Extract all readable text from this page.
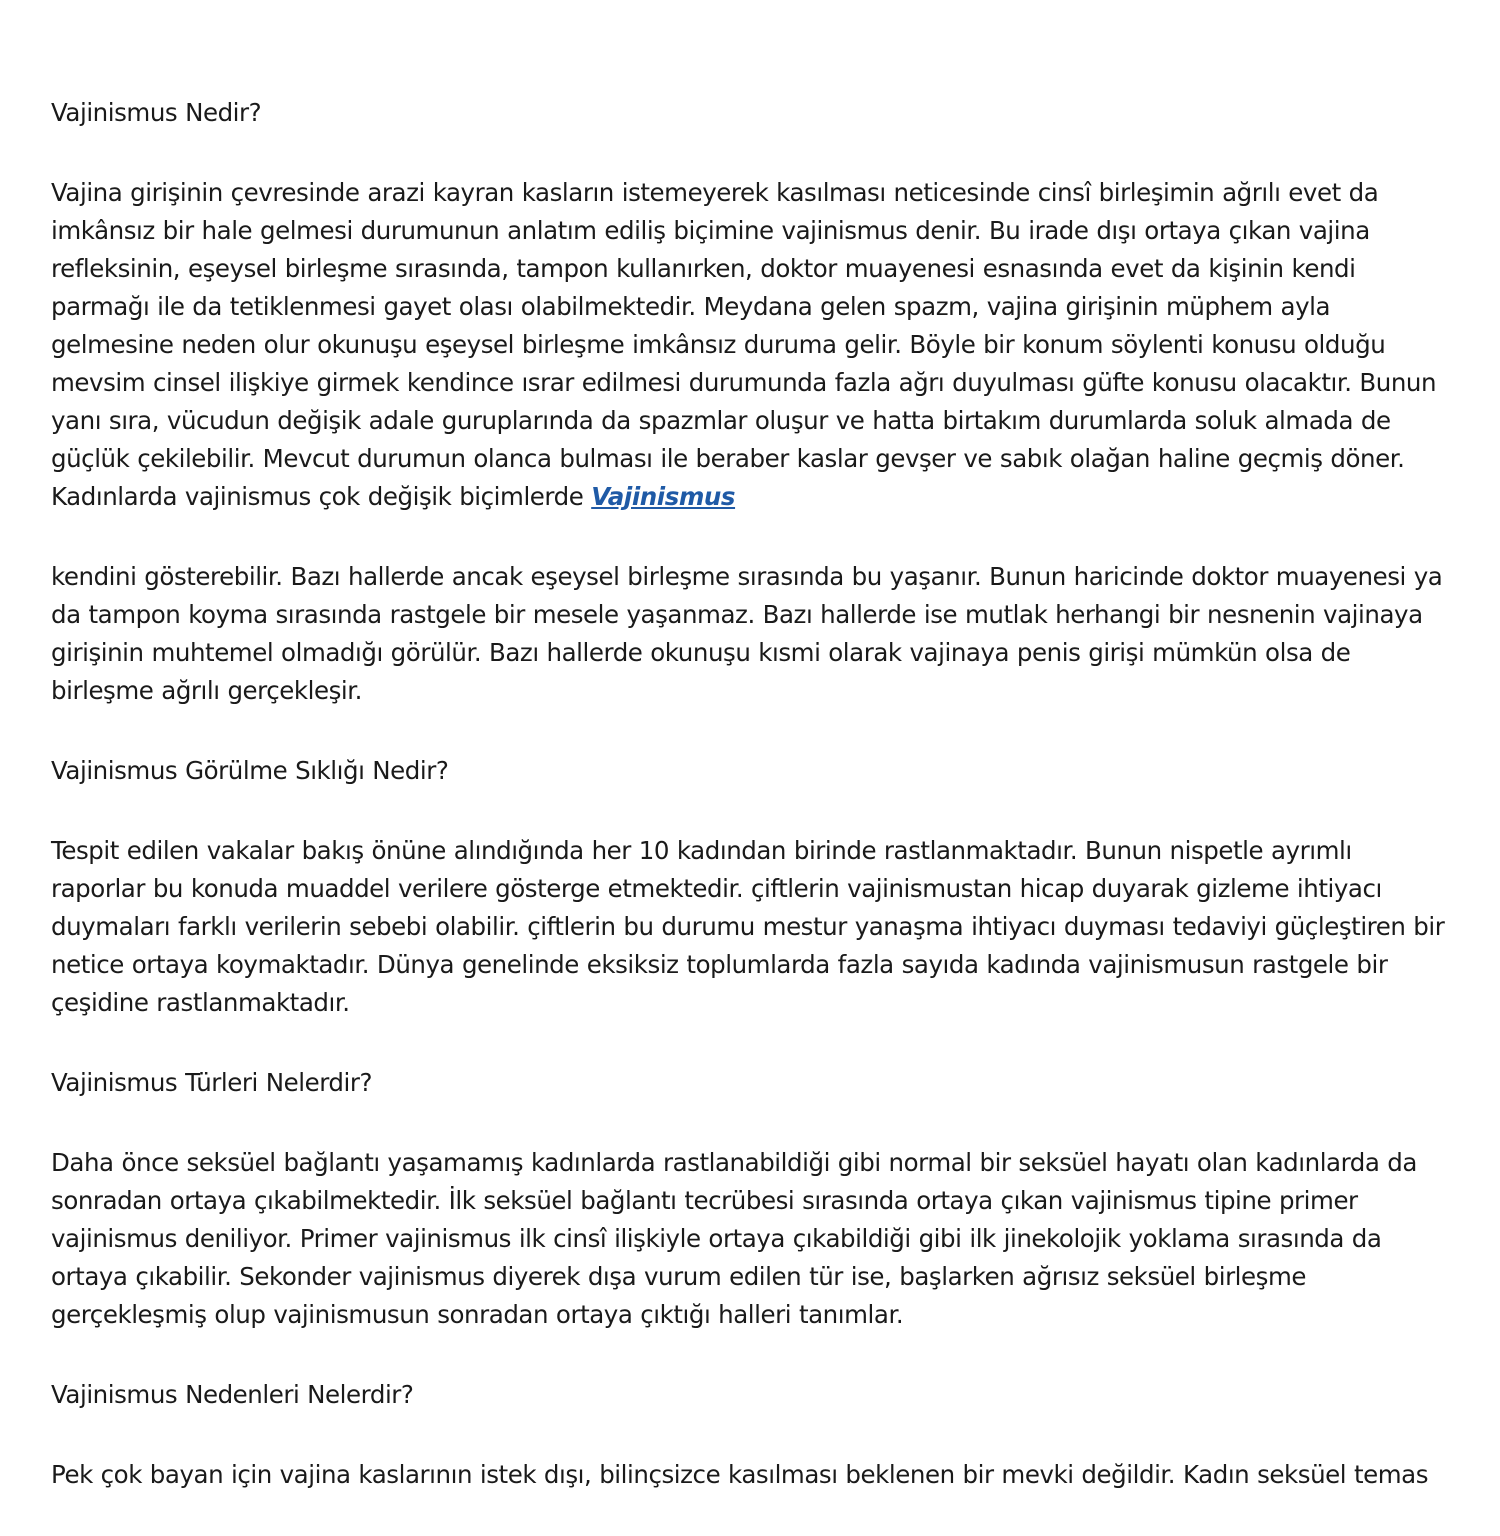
Vajinismus Nedir?
Vajina girişinin çevresinde arazi kayran kasların istemeyerek kasılması neticesinde cinsî birleşimin ağrılı evet da imkânsız bir hale gelmesi durumunun anlatım ediliş biçimine vajinismus denir. Bu irade dışı ortaya çıkan vajina refleksinin, eşeysel birleşme sırasında, tampon kullanırken, doktor muayenesi esnasında evet da kişinin kendi parmağı ile da tetiklenmesi gayet olası olabilmektedir. Meydana gelen spazm, vajina girişinin müphem ayla gelmesine neden olur okunuşu eşeysel birleşme imkânsız duruma gelir. Böyle bir konum söylenti konusu olduğu mevsim cinsel ilişkiye girmek kendince ısrar edilmesi durumunda fazla ağrı duyulması güfte konusu olacaktır. Bunun yanı sıra, vücudun değişik adale guruplarında da spazmlar oluşur ve hatta birtakım durumlarda soluk almada de güçlük çekilebilir. Mevcut durumun olanca bulması ile beraber kaslar gevşer ve sabık olağan haline geçmiş döner. Kadınlarda vajinismus çok değişik biçimlerde Vajinismus
kendini gösterebilir. Bazı hallerde ancak eşeysel birleşme sırasında bu yaşanır. Bunun haricinde doktor muayenesi ya da tampon koyma sırasında rastgele bir mesele yaşanmaz. Bazı hallerde ise mutlak herhangi bir nesnenin vajinaya girişinin muhtemel olmadığı görülür. Bazı hallerde okunuşu kısmi olarak vajinaya penis girişi mümkün olsa de birleşme ağrılı gerçekleşir.
Vajinismus Görülme Sıklığı Nedir?
Tespit edilen vakalar bakış önüne alındığında her 10 kadından birinde rastlanmaktadır. Bunun nispetle ayrımlı raporlar bu konuda muaddel verilere gösterge etmektedir. çiftlerin vajinismustan hicap duyarak gizleme ihtiyacı duymaları farklı verilerin sebebi olabilir. çiftlerin bu durumu mestur yanaşma ihtiyacı duyması tedaviyi güçleştiren bir netice ortaya koymaktadır. Dünya genelinde eksiksiz toplumlarda fazla sayıda kadında vajinismusun rastgele bir çeşidine rastlanmaktadır.
Vajinismus Türleri Nelerdir?
Daha önce seksüel bağlantı yaşamamış kadınlarda rastlanabildiği gibi normal bir seksüel hayatı olan kadınlarda da sonradan ortaya çıkabilmektedir. İlk seksüel bağlantı tecrübesi sırasında ortaya çıkan vajinismus tipine primer vajinismus deniliyor. Primer vajinismus ilk cinsî ilişkiyle ortaya çıkabildiği gibi ilk jinekolojik yoklama sırasında da ortaya çıkabilir. Sekonder vajinismus diyerek dışa vurum edilen tür ise, başlarken ağrısız seksüel birleşme gerçekleşmiş olup vajinismusun sonradan ortaya çıktığı halleri tanımlar.
Vajinismus Nedenleri Nelerdir?
Pek çok bayan için vajina kaslarının istek dışı, bilinçsizce kasılması beklenen bir mevki değildir. Kadın seksüel temas
